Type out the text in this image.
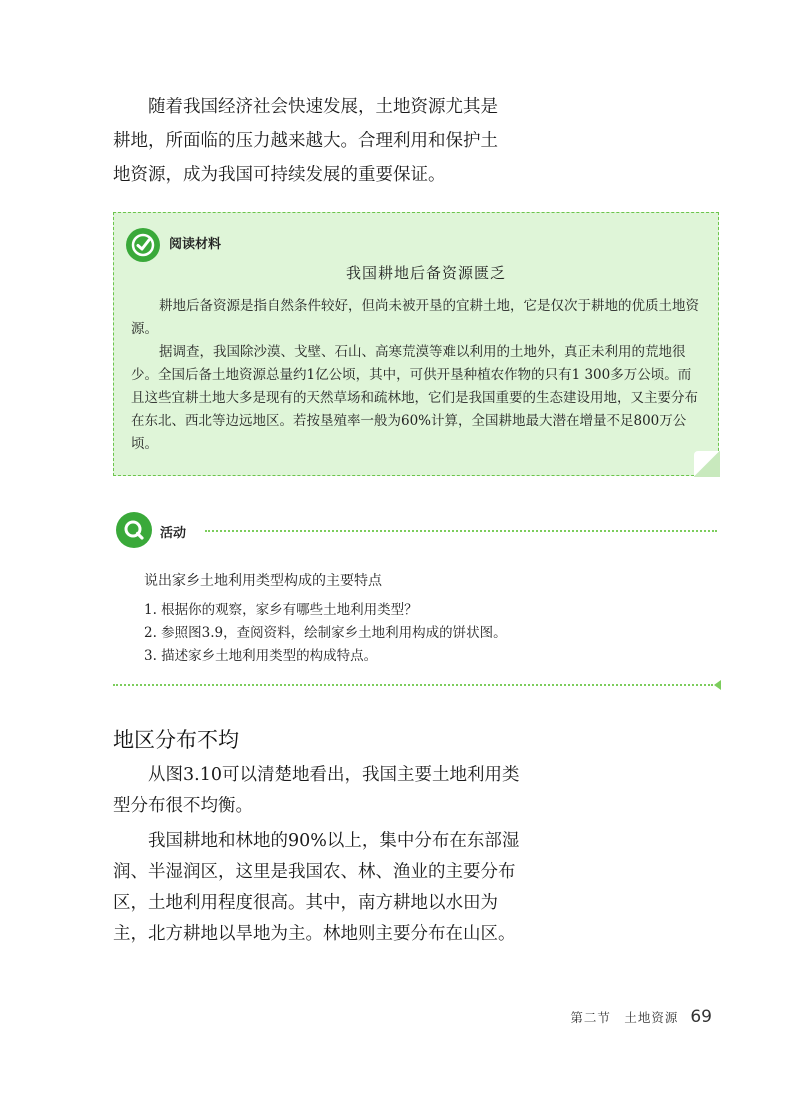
随着我国经济社会快速发展，土地资源尤其是耕地，所面临的压力越来越大。合理利用和保护土地资源，成为我国可持续发展的重要保证。

阅读材料
我国耕地后备资源匮乏

耕地后备资源是指自然条件较好，但尚未被开垦的宜耕土地，它是仅次于耕地的优质土地资源。

据调查，我国除沙漠、戈壁、石山、高寒荒漠等难以利用的土地外，真正未利用的荒地很少。全国后备土地资源总量约1亿公顷，其中，可供开垦种植农作物的只有1 300多万公顷。而且这些宜耕土地大多是现有的天然草场和疏林地，它们是我国重要的生态建设用地，又主要分布在东北、西北等边远地区。若按垦殖率一般为60%计算，全国耕地最大潜在增量不足800万公顷。

活动
说出家乡土地利用类型构成的主要特点
1. 根据你的观察，家乡有哪些土地利用类型？
2. 参照图3.9，查阅资料，绘制家乡土地利用构成的饼状图。
3. 描述家乡土地利用类型的构成特点。
地区分布不均

从图3.10可以清楚地看出，我国主要土地利用类型分布很不均衡。

我国耕地和林地的90%以上，集中分布在东部湿润、半湿润区，这里是我国农、林、渔业的主要分布区，土地利用程度很高。其中，南方耕地以水田为主，北方耕地以旱地为主。林地则主要分布在山区。

第二节　土地资源 69
